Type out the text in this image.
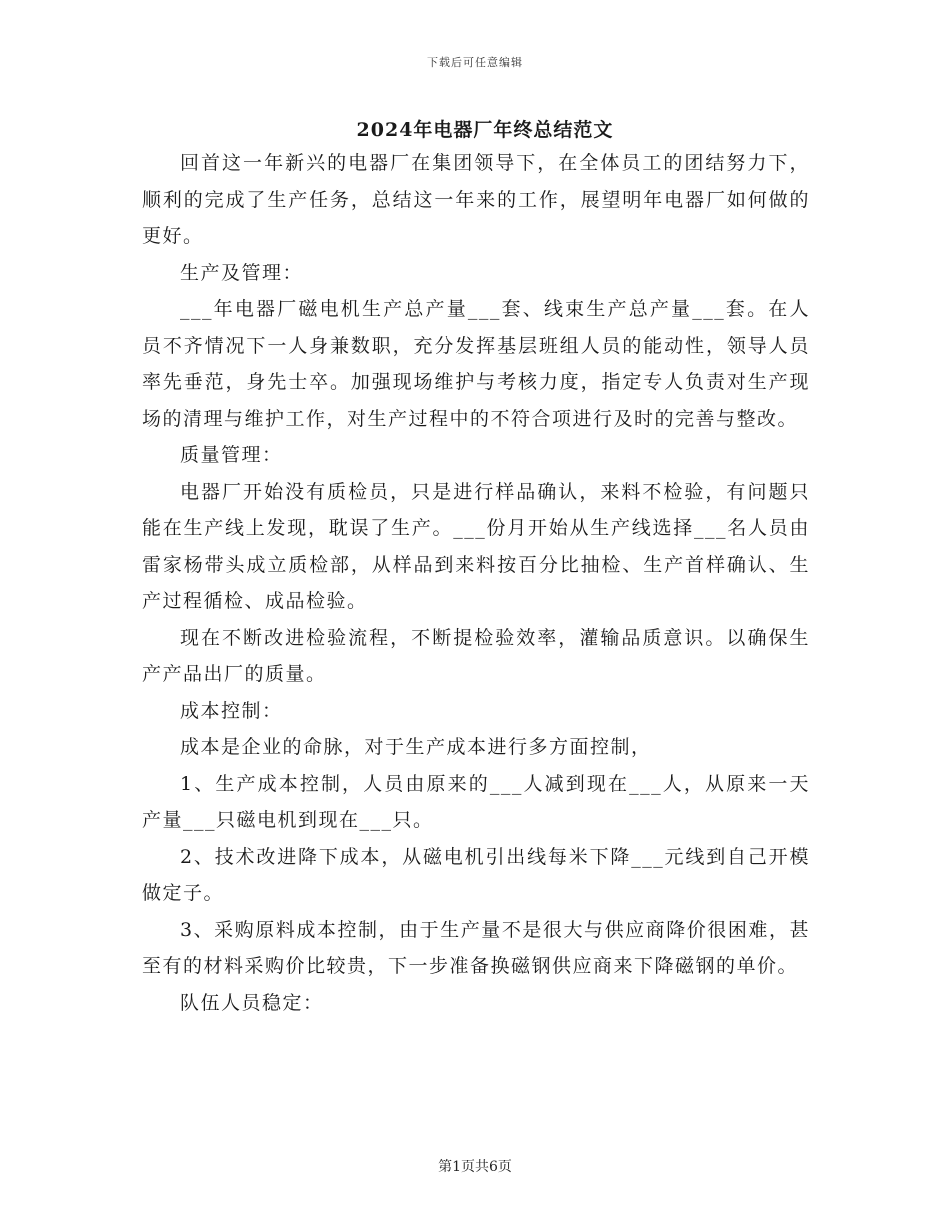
下载后可任意编辑
2024年电器厂年终总结范文

回首这一年新兴的电器厂在集团领导下，在全体员工的团结努力下，顺利的完成了生产任务，总结这一年来的工作，展望明年电器厂如何做的更好。

生产及管理：

___年电器厂磁电机生产总产量___套、线束生产总产量___套。在人员不齐情况下一人身兼数职，充分发挥基层班组人员的能动性，领导人员率先垂范，身先士卒。加强现场维护与考核力度，指定专人负责对生产现场的清理与维护工作，对生产过程中的不符合项进行及时的完善与整改。

质量管理：

电器厂开始没有质检员，只是进行样品确认，来料不检验，有问题只能在生产线上发现，耽误了生产。___份月开始从生产线选择___名人员由雷家杨带头成立质检部，从样品到来料按百分比抽检、生产首样确认、生产过程循检、成品检验。

现在不断改进检验流程，不断提检验效率，灌输品质意识。以确保生产产品出厂的质量。

成本控制：

成本是企业的命脉，对于生产成本进行多方面控制，

1、生产成本控制，人员由原来的___人减到现在___人，从原来一天产量___只磁电机到现在___只。

2、技术改进降下成本，从磁电机引出线每米下降___元线到自己开模做定子。

3、采购原料成本控制，由于生产量不是很大与供应商降价很困难，甚至有的材料采购价比较贵，下一步准备换磁钢供应商来下降磁钢的单价。

队伍人员稳定：

第1页共6页
